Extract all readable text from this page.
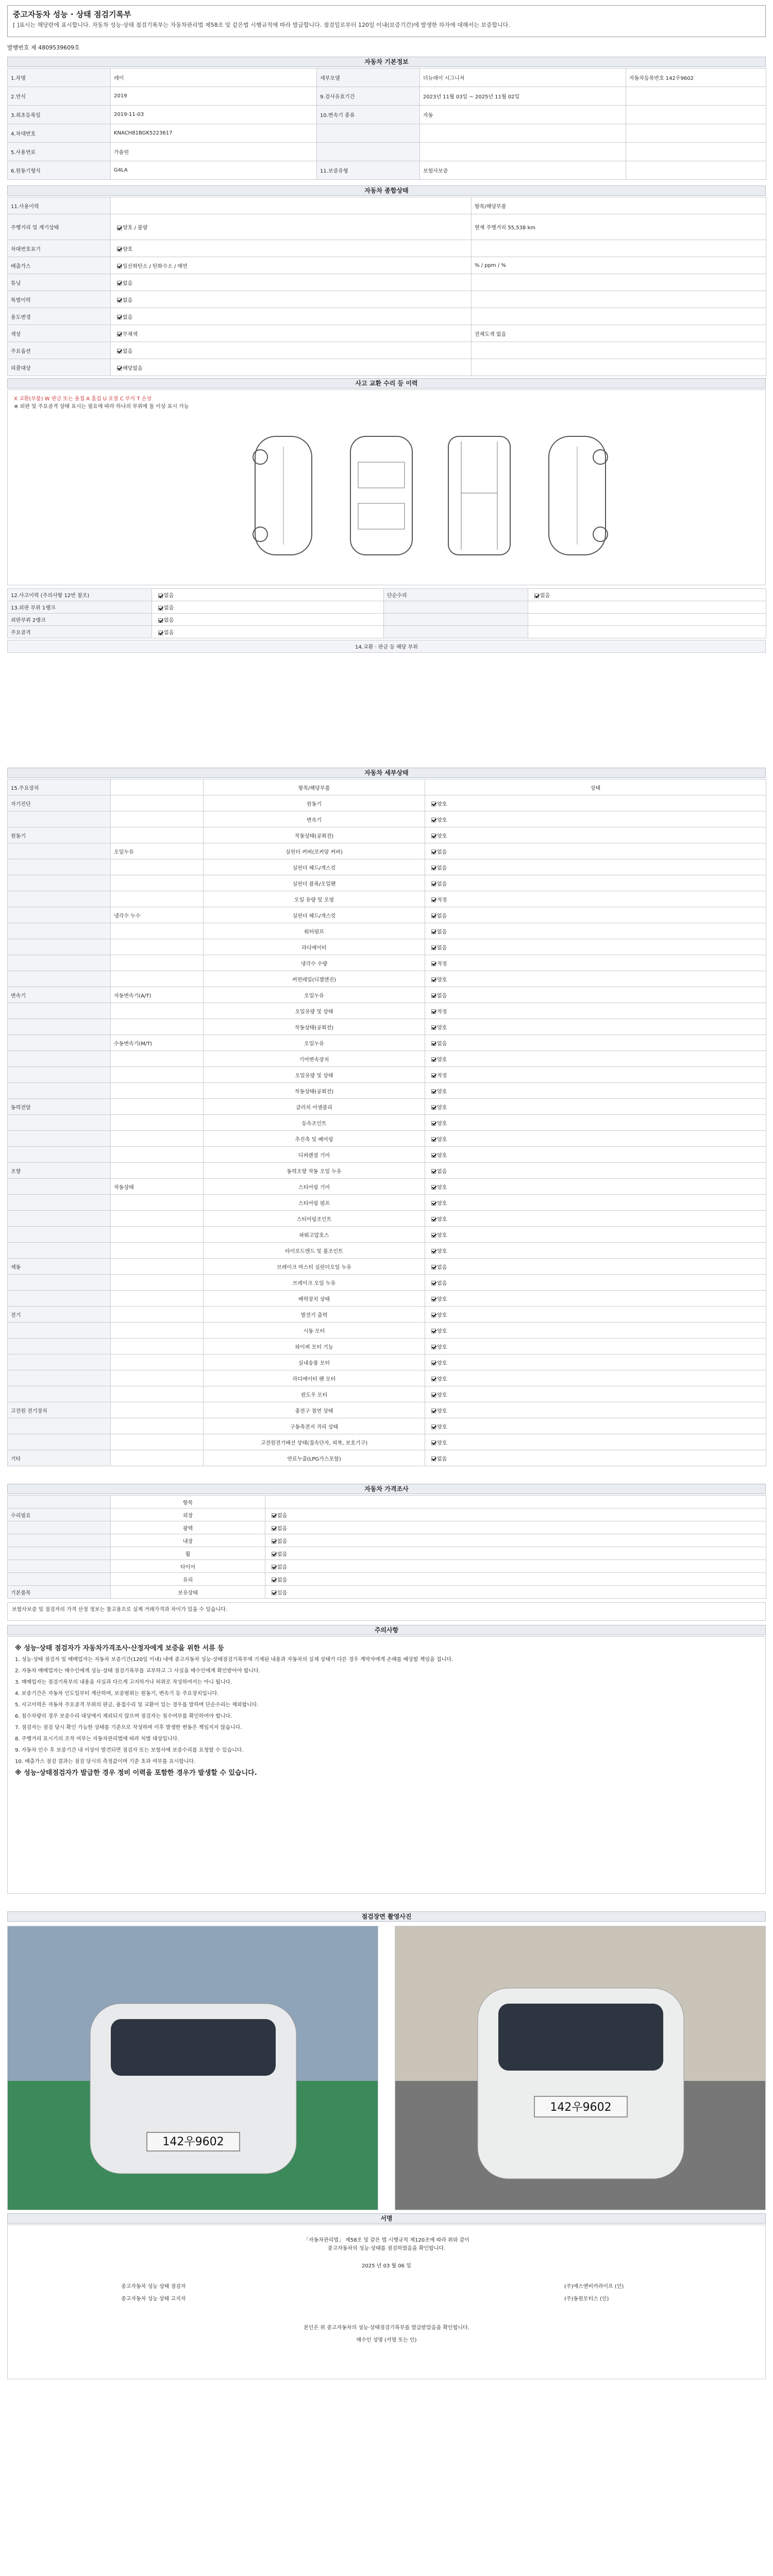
중고자동차 성능 · 상태 점검기록부
[ ]표시는 해당란에 표시합니다. 자동차 성능·상태 점검기록부는 자동차관리법 제58조 및 같은법 시행규칙에 따라 발급합니다. 점검일로부터 120일 이내(보증기간)에 발생한 하자에 대해서는 보증합니다.
발행번호 제 4809539609호
자동차 기본정보
1.차명	레이	세부모델	더뉴레이 시그니처	자동차등록번호 142우9602
2.연식	2019	9.검사유효기간	2023년 11월 03일 ~ 2025년 11월 02일	
3.최초등록일	2019-11-03	10.변속기 종류	자동	
4.차대번호	KNACH81BGK5223617			
5.사용연료	가솔린			
6.원동기형식	G4LA	11.보증유형	보험사보증	
자동차 종합상태
11.사용이력		항목/해당부품
주행거리 및 계기상태	양호 / 불량	현재 주행거리 55,538 km
차대번호표기	양호	
배출가스	일산화탄소 / 탄화수소 / 매연	% / ppm / %
튜닝	없음	
특별이력	없음	
용도변경	없음	
색상	무채색	전체도색 없음
주요옵션	없음	
리콜대상	해당없음	
사고 교환 수리 등 이력
X 교환(부품) W 판금 또는 용접 A 흠집 U 요철 C 부식 T 손상
※ 외판 및 주요골격 상태 표시는 필요에 따라 하나의 부위에 둘 이상 표시 가능
12.사고이력 (주의사항 12번 참조)	없음	단순수리	없음
13.외판 부위 1랭크	없음		
외판부위 2랭크	없음		
주요골격	없음		
14.교환 · 판금 등 해당 부위
자동차 세부상태
15.주요장치		항목/해당부품	상태
자기진단		원동기	양호
		변속기	양호
원동기		작동상태(공회전)	양호
	오일누유	실린더 커버(로커암 커버)	없음
		실린더 헤드/개스킷	없음
		실린더 블록/오일팬	없음
		오일 유량 및 오염	적정
	냉각수 누수	실린더 헤드/개스킷	없음
		워터펌프	없음
		라디에이터	없음
		냉각수 수량	적정
		커먼레일(디젤엔진)	양호
변속기	자동변속기(A/T)	오일누유	없음
		오일유량 및 상태	적정
		작동상태(공회전)	양호
	수동변속기(M/T)	오일누유	없음
		기어변속장치	양호
		오일유량 및 상태	적정
		작동상태(공회전)	양호
동력전달		클러치 어셈블리	양호
		등속조인트	양호
		추진축 및 베어링	양호
		디퍼렌셜 기어	양호
조향		동력조향 작동 오일 누유	없음
	작동상태	스티어링 기어	양호
		스티어링 펌프	양호
		스티어링조인트	양호
		파워고압호스	양호
		타이로드엔드 및 볼조인트	양호
제동		브레이크 마스터 실린더오일 누유	없음
		브레이크 오일 누유	없음
		배력장치 상태	양호
전기		발전기 출력	양호
		시동 모터	양호
		와이퍼 모터 기능	양호
		실내송풍 모터	양호
		라디에이터 팬 모터	양호
		윈도우 모터	양호
고전원 전기장치		충전구 절연 상태	양호
		구동축전지 격리 상태	양호
		고전원전기배선 상태(접속단자, 피복, 보호기구)	양호
기타		연료누출(LPG가스포함)	없음
자동차 가격조사
	항목	
수리필요	외장	없음
	광택	없음
	내장	없음
	휠	없음
	타이어	없음
	유리	없음
기본품목	보유상태	있음
보험사보증 및 점검자의 가격 산정 정보는 참고용으로 실제 거래가격과 차이가 있을 수 있습니다.
주의사항
※ 성능·상태 점검자가 자동차가격조사·산정자에게 보증을 위한 서류 등
1. 성능·상태 점검자 및 매매업자는 자동차 보증기간(120일 이내) 내에 중고자동차 성능·상태점검기록부에 기재된 내용과 자동차의 실제 상태가 다른 경우 계약자에게 손해를 배상할 책임을 집니다.
2. 자동차 매매업자는 매수인에게 성능·상태 점검기록부를 교부하고 그 사실을 매수인에게 확인받아야 합니다.
3. 매매업자는 점검기록부의 내용을 사실과 다르게 고지하거나 허위로 작성하여서는 아니 됩니다.
4. 보증기간은 자동차 인도일부터 계산하며, 보증범위는 원동기, 변속기 등 주요장치입니다.
5. 사고이력은 자동차 주요골격 부위의 판금, 용접수리 및 교환이 있는 경우를 말하며 단순수리는 제외합니다.
6. 침수차량의 경우 보증수리 대상에서 제외되지 않으며 점검자는 침수여부를 확인하여야 합니다.
7. 점검자는 점검 당시 확인 가능한 상태를 기준으로 작성하며 이후 발생한 변동은 책임지지 않습니다.
8. 주행거리 표시기의 조작 여부는 자동차관리법에 따라 처벌 대상입니다.
9. 자동차 인수 후 보증기간 내 이상이 발견되면 점검자 또는 보험사에 보증수리를 요청할 수 있습니다.
10. 배출가스 점검 결과는 점검 당시의 측정값이며 기준 초과 여부를 표시합니다.
※ 성능·상태점검자가 발급한 경우 정비 이력을 포함한 경우가 발생할 수 있습니다.
점검장면 촬영사진
142우9602
142우9602
서명
「자동차관리법」 제58조 및 같은 법 시행규칙 제120조에 따라 위와 같이
중고자동차의 성능·상태를 점검하였음을 확인합니다.
2025 년 03 월 06 일
중고자동차 성능 상태 점검자	(주)에스엔비카라이프 (인)
중고자동차 성능 상태 고지자	(주)동원모터스 (인)
본인은 위 중고자동차의 성능·상태점검기록부를 발급받았음을 확인합니다.
매수인 성명 (서명 또는 인)
